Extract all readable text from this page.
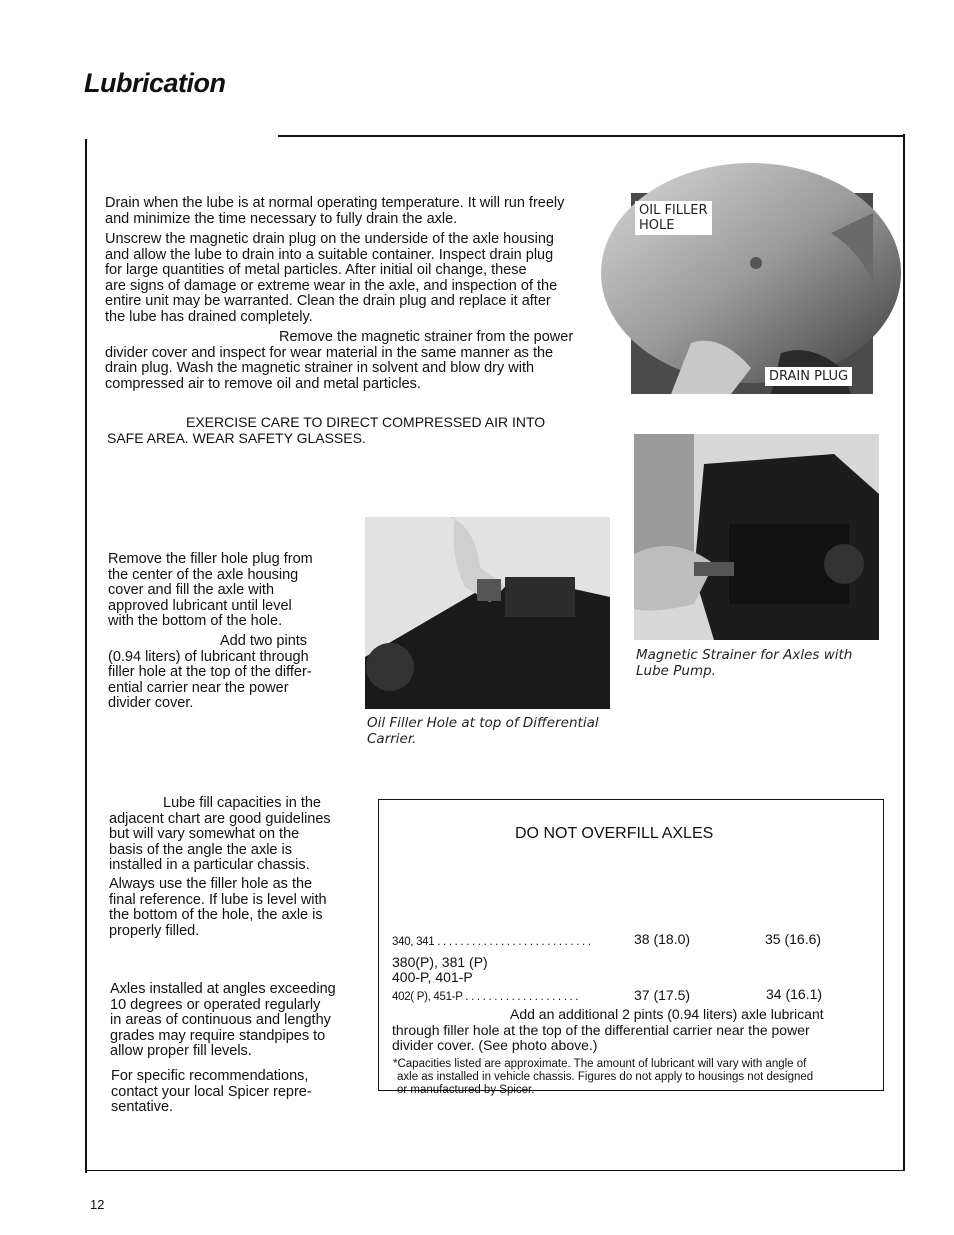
Lubrication
Drain when the lube is at normal operating temperature. It will run freely
and minimize the time necessary to fully drain the axle.
Unscrew the magnetic drain plug on the underside of the axle housing
and allow the lube to drain into a suitable container. Inspect drain plug
for large quantities of metal particles. After initial oil change, these
are signs of damage or extreme wear in the axle, and inspection of the
entire unit may be warranted. Clean the drain plug and replace it after
the lube has drained completely.
Remove the magnetic strainer from the power
divider cover and inspect for wear material in the same manner as the
drain plug. Wash the magnetic strainer in solvent and blow dry with
compressed air to remove oil and metal particles.
EXERCISE CARE TO DIRECT COMPRESSED AIR INTO
SAFE AREA. WEAR SAFETY GLASSES.
OIL FILLER
HOLE
DRAIN PLUG
Magnetic Strainer for Axles with
Lube Pump.
Remove the filler hole plug from
the center of the axle housing
cover and fill the axle with
approved lubricant until level
with the bottom of the hole.
Add two pints
(0.94 liters) of lubricant through
filler hole at the top of the differ-
ential carrier near the power
divider cover.
Oil Filler Hole at top of Differential
Carrier.
Lube fill capacities in the
adjacent chart are good guidelines
but will vary somewhat on the
basis of the angle the axle is
installed in a particular chassis.
Always use the filler hole as the
final reference. If lube is level with
the bottom of the hole, the axle is
properly filled.
Axles installed at angles exceeding
10 degrees or operated regularly
in areas of continuous and lengthy
grades may require standpipes to
allow proper fill levels.
For specific recommendations,
contact your local Spicer repre-
sentative.
DO NOT OVERFILL AXLES
340, 341 . . . . . . . . . . . . . . . . . . . . . . . . . . .	38 (18.0)	35 (16.6)
380(P), 381 (P)
400-P, 401-P
402( P), 451-P . . . . . . . . . . . . . . . . . . . .	37 (17.5)	34 (16.1)
Add an additional 2 pints (0.94 liters) axle lubricant
through filler hole at the top of the differential carrier near the power
divider cover. (See photo above.)
*Capacities listed are approximate. The amount of lubricant will vary with angle of
axle as installed in vehicle chassis. Figures do not apply to housings not designed
or manufactured by Spicer.
12
